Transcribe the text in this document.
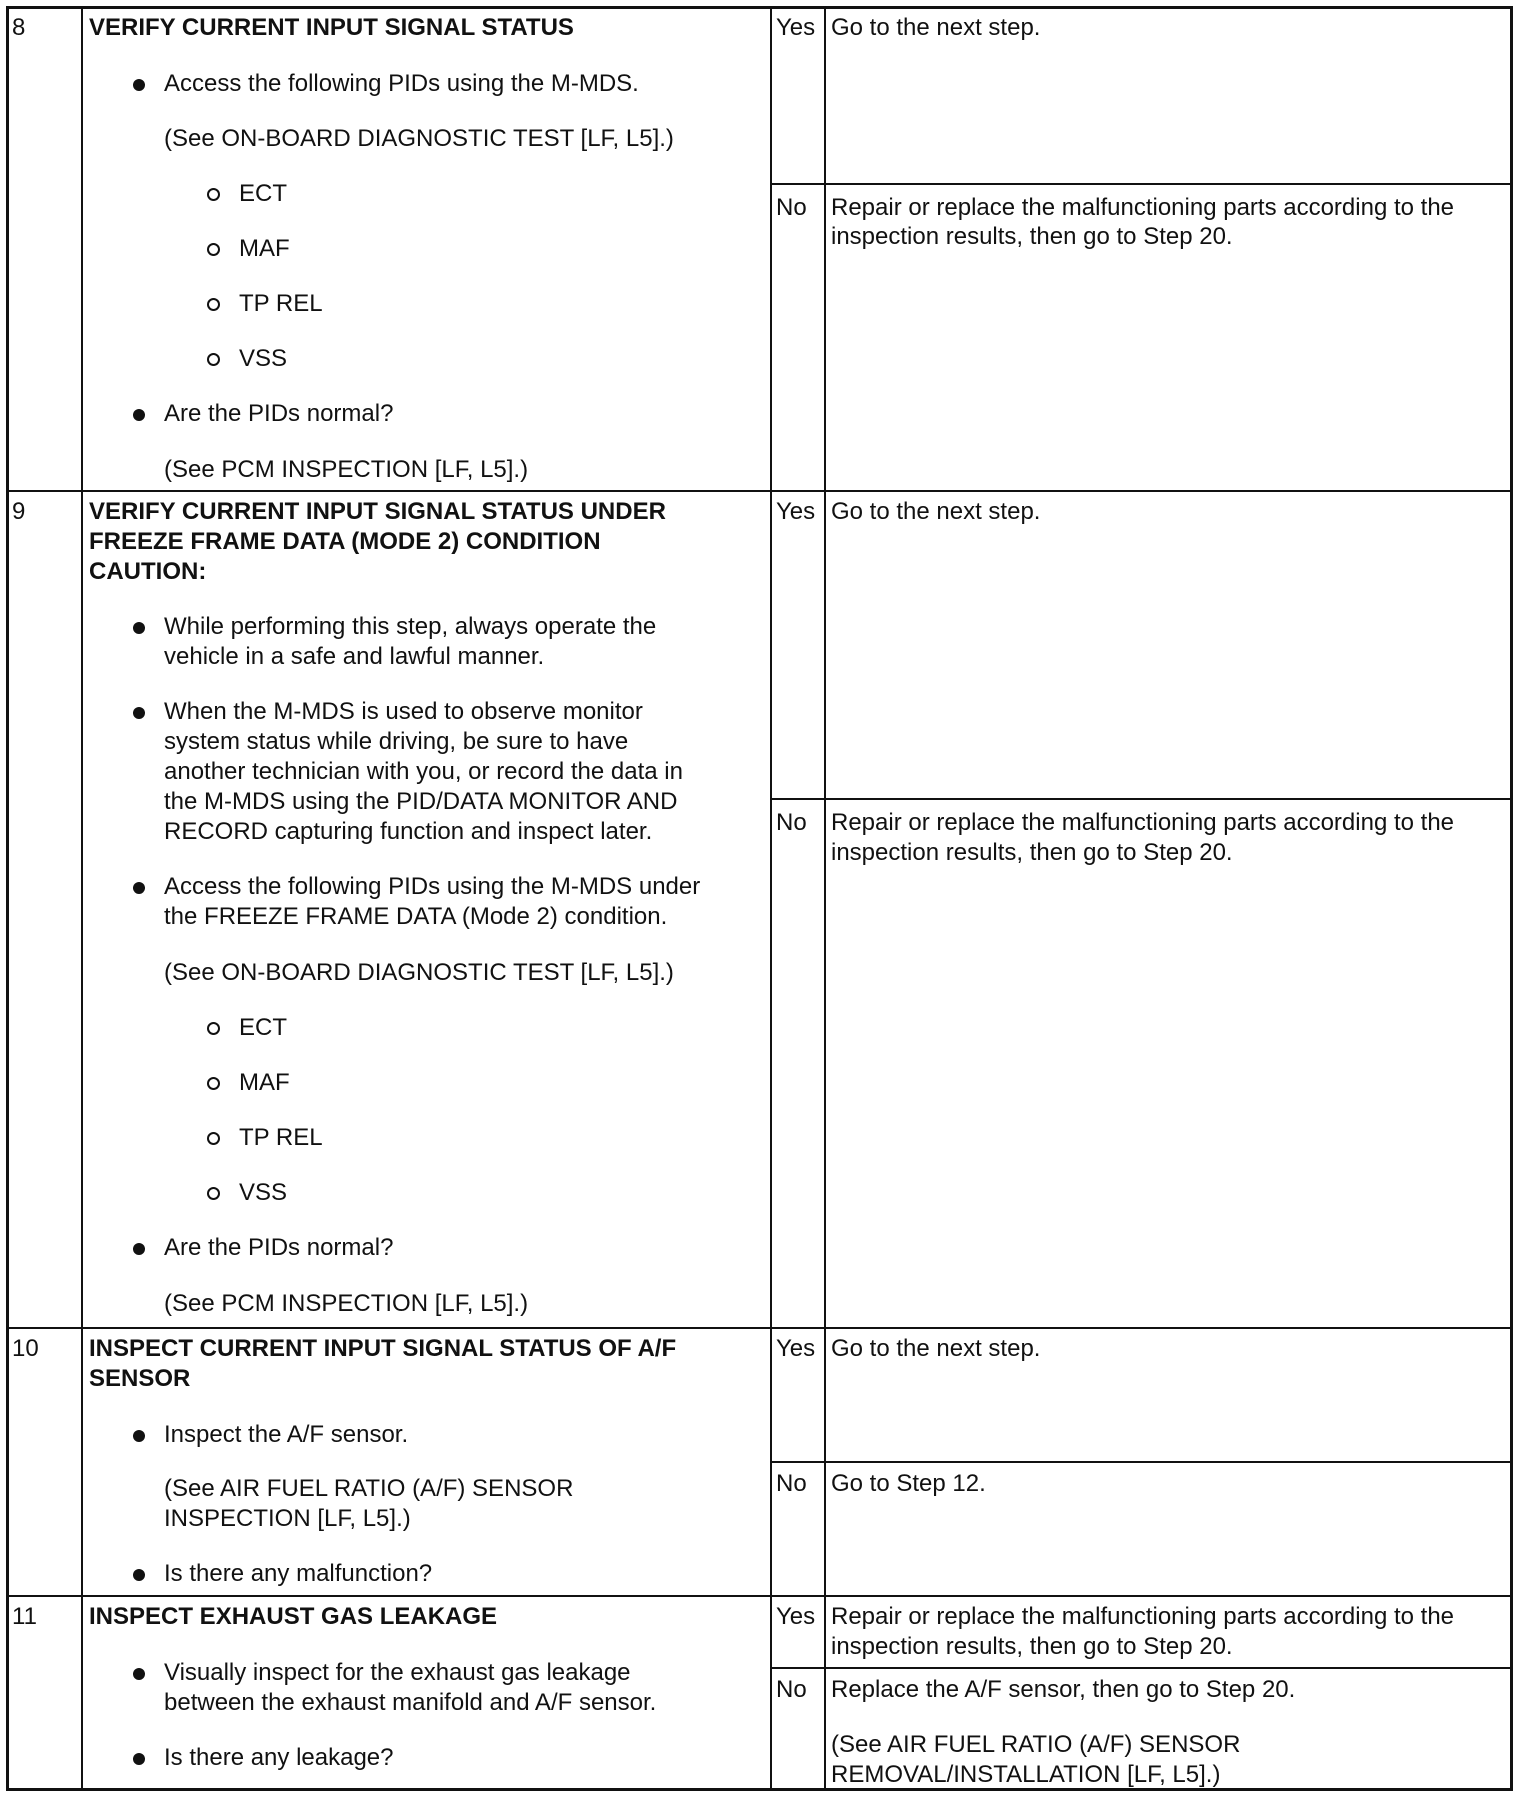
8	VERIFY CURRENT INPUT SIGNAL STATUS
Access the following PIDs using the M-MDS.
(See ON-BOARD DIAGNOSTIC TEST [LF, L5].)
ECT
MAF
TP REL
VSS
Are the PIDs normal?
(See PCM INSPECTION [LF, L5].)
Yes Go to the next step.
No Repair or replace the malfunctioning parts according to the
inspection results, then go to Step 20.
9	VERIFY CURRENT INPUT SIGNAL STATUS UNDER
FREEZE FRAME DATA (MODE 2) CONDITION
CAUTION:
While performing this step, always operate the
vehicle in a safe and lawful manner.
When the M-MDS is used to observe monitor
system status while driving, be sure to have
another technician with you, or record the data in
the M-MDS using the PID/DATA MONITOR AND
RECORD capturing function and inspect later.
Access the following PIDs using the M-MDS under
the FREEZE FRAME DATA (Mode 2) condition.
(See ON-BOARD DIAGNOSTIC TEST [LF, L5].)
ECT
MAF
TP REL
VSS
Are the PIDs normal?
(See PCM INSPECTION [LF, L5].)
Yes Go to the next step.
No Repair or replace the malfunctioning parts according to the
inspection results, then go to Step 20.
10 INSPECT CURRENT INPUT SIGNAL STATUS OF A/F
SENSOR
Inspect the A/F sensor.
(See AIR FUEL RATIO (A/F) SENSOR
INSPECTION [LF, L5].)
Is there any malfunction?
Yes Go to the next step.
No Go to Step 12.
11 INSPECT EXHAUST GAS LEAKAGE
Visually inspect for the exhaust gas leakage
between the exhaust manifold and A/F sensor.
Is there any leakage?
Yes Repair or replace the malfunctioning parts according to the
inspection results, then go to Step 20.
No Replace the A/F sensor, then go to Step 20.
(See AIR FUEL RATIO (A/F) SENSOR
REMOVAL/INSTALLATION [LF, L5].)
